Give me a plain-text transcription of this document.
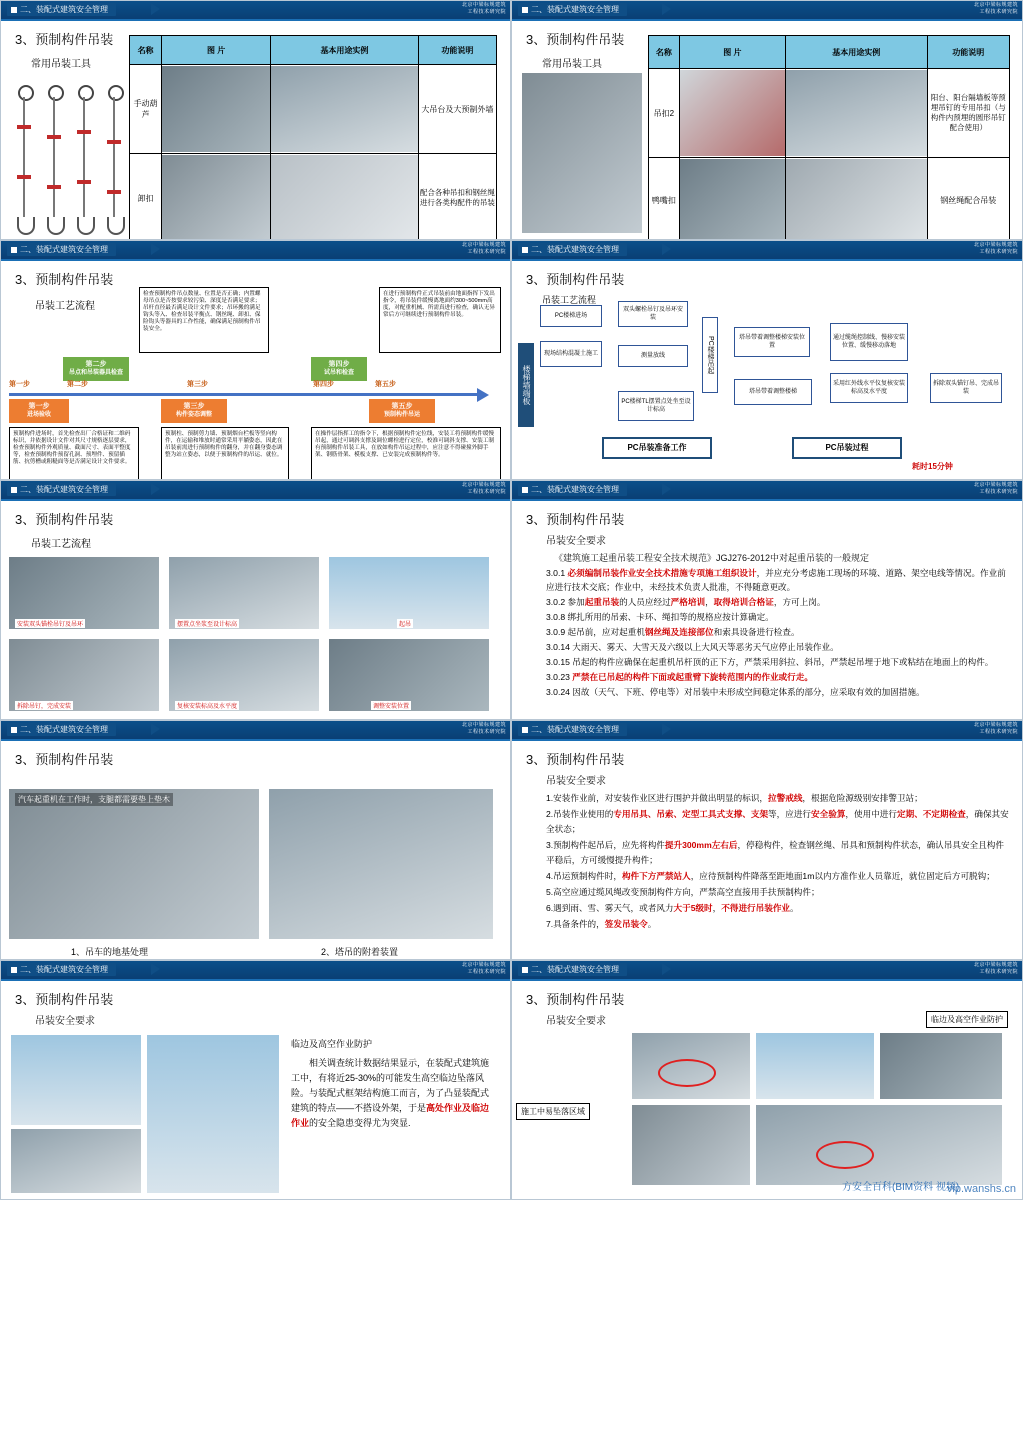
二、装配式建筑安全管理	北京中梁标规建筑
工程技术研究院
3、预制构件吊装
常用吊装工具
名称	图 片	基本用途实例	功能说明
手动葫芦			大吊台及大预制外墙
卸扣			配合各种吊扣和钢丝绳进行各类构配件的吊装
二、装配式建筑安全管理	北京中梁标规建筑
工程技术研究院
3、预制构件吊装
常用吊装工具
名称	图 片	基本用途实例	功能说明
吊扣2			阳台、阳台隔墙板等预埋吊钉的专用吊扣（与构件内预埋的圆形吊钉配合使用）
鸭嘴扣			钢丝绳配合吊装
二、装配式建筑安全管理	北京中梁标规建筑
工程技术研究院
3、预制构件吊装
吊装工艺流程
检查预制构件吊点数量、位置是否正确；内置螺母吊点是否按要求较污染、深度是否满足要求；吊杆直径最否满足设计文件要求；吊环搬的满足钩头等入、检查吊装平衡点、钢丝绳、卸扣、保险钩头等器具的工作性能，确保满足预制构件吊装安全。
在进行预制构件正式吊装前由地面指挥下发出指令，将吊装件缓慢离地面约300~500mm高度，对配重机械、所需真进行检查，确认无异常后方可继续进行预制构件吊装。
第二步
吊点和吊装器具检查
第四步
试吊和检查
第一步	第二步	第三步	第四步	第五步
第一步
进场验收
第三步
构件姿态调整
第五步
预制构件吊运
预制构件进场时，首先检查出厂合格证和二维码标识，并依据设计文件对其尺寸规格逐层要求，检查预制构件外观质量、截面尺寸、表面平整度等，检查预制构件预留孔洞、预埋件、预留插筋、抗剪槽或粗糙面等是否满足设计文件要求。
预制柱、预制剪力墙、预制烟台栏板等竖向构件，在运输和堆放时通常采用平躺姿态，因此在吊装前需进行预制构件的翻身，并在翻身姿态调整为站立姿态，以便于预制构件的吊运、就位。
在操作层指挥工的指令下，根据预制构件定位线，安装工将预制构件缓慢吊起，通过可调斜支撑及调位螺栓进行定位，校准可调斜支撑、安装工制有预制构件吊装工具，在放如构件吊运过程中，应注意不得碰撞外脚手架、钢筋骨架、模板支撑、已安装完成预制构件等。
二、装配式建筑安全管理	北京中梁标规建筑
工程技术研究院
3、预制构件吊装
吊装工艺流程
楼梯墙端板
PC楼梯进场
现场结构混凝土施工
双头螺栓吊钉及吊环安装
测量放线	PC楼梯吊起
PC楼梯TL摆置点处坐至设计标高
塔吊带着调整楼梯安装位置
通过缆绳控制线、慢移安装位置、缓慢移动落地
采用红外线水平仪复核安装标高及水平度
塔吊带着调整楼梯
拆除双头锚钉吊、完成吊装
PC吊装准备工作	PC吊装过程
耗时15分钟
二、装配式建筑安全管理	北京中梁标规建筑
工程技术研究院
3、预制构件吊装
吊装工艺流程
安装双头锚栓吊钉及吊环	摆置点坐浆至设计标高	起吊
拆除吊钉，完成安装	复核安装标高及水平度	调整安装位置
二、装配式建筑安全管理	北京中梁标规建筑
工程技术研究院
3、预制构件吊装
吊装安全要求
《建筑施工起重吊装工程安全技术规范》JGJ276-2012中对起重吊装的一般规定

3.0.1 必须编制吊装作业安全技术措施专项施工组织设计，并应充分考虑施工现场的环境、道路、架空电线等情况。作业前应进行技术交底；作业中，未经技术负责人批准，不得随意更改。

3.0.2 参加起重吊装的人员应经过严格培训，取得培训合格证，方可上岗。

3.0.8 绑扎所用的吊索、卡环、绳扣等的规格应按计算确定。

3.0.9 起吊前，应对起重机钢丝绳及连接部位和索具设备进行检查。

3.0.14 大雨天、雾天、大雪天及六级以上大风天等恶劣天气应停止吊装作业。

3.0.15 吊起的构件应确保在起重机吊杆顶的正下方，严禁采用斜拉、斜吊，严禁起吊埋于地下或粘结在地面上的构件。

3.0.23 严禁在已吊起的构件下面或起重臂下旋转范围内的作业或行走。

3.0.24 因故（天气、下班、停电等）对吊装中未形成空间稳定体系的部分，应采取有效的加固措施。

二、装配式建筑安全管理	北京中梁标规建筑
工程技术研究院
3、预制构件吊装
汽车起重机在工作时，支腿都需要垫上垫木
1、吊车的地基处理	2、塔吊的附着装置
二、装配式建筑安全管理	北京中梁标规建筑
工程技术研究院
3、预制构件吊装
吊装安全要求

1.安装作业前，对安装作业区进行围护并做出明显的标识，拉警戒线，根据危险源级别安排警卫站；

2.吊装作业使用的专用吊具、吊索、定型工具式支撑、支架等，应进行安全验算，使用中进行定期、不定期检查，确保其安全状态；

3.预制构件起吊后，应先将构件提升300mm左右后，停稳构件，检查钢丝绳、吊具和预制构件状态，确认吊具安全且构件平稳后，方可缓慢提升构件；

4.吊运预制构件时，构件下方严禁站人，应待预制构件降落至距地面1m以内方准作业人员靠近，就位固定后方可脱钩；

5.高空应通过缆风绳改变预制构件方向，严禁高空直接用手扶预制构件；

6.遇到雨、雪、雾天气，或者风力大于5级时，不得进行吊装作业。

7.具备条件的，签发吊装令。

二、装配式建筑安全管理	北京中梁标规建筑
工程技术研究院
3、预制构件吊装
吊装安全要求
临边及高空作业防护
　　相关调查统计数据结果显示，在装配式建筑施工中，有将近25-30%的可能发生高空临边坠落风险。与装配式框架结构施工而言，为了凸显装配式建筑的特点——不搭设外架，于是高处作业及临边作业的安全隐患变得尤为突显.
二、装配式建筑安全管理	北京中梁标规建筑
工程技术研究院
3、预制构件吊装
吊装安全要求	临边及高空作业防护
施工中易坠落区域
方安全百科(BIM资料 视频)
vip.wanshs.cn
